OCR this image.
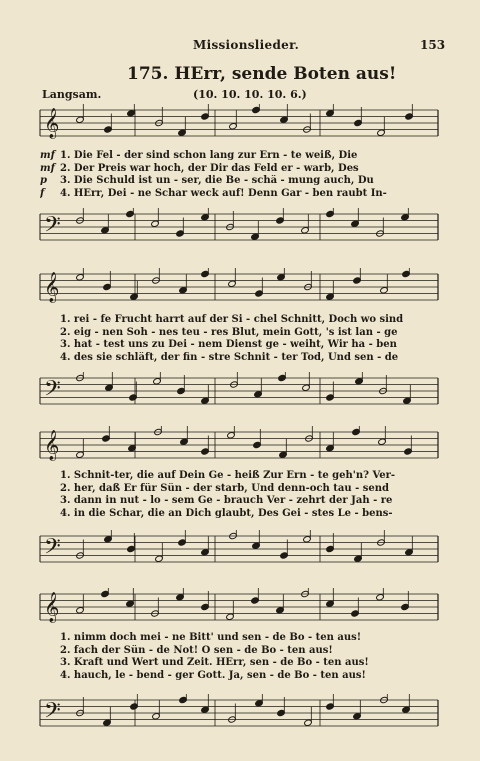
Missionslieder.	153
175. HErr, sende Boten aus!
Langsam.	(10. 10. 10. 10. 6.)
𝄞
mf 1. Die Fel - der sind schon lang zur Ern - te weiß, Die
mf 2. Der Preis war hoch, der Dir das Feld er - warb, Des
p 3. Die Schuld ist un - ser, die Be - schä - mung auch, Du
f 4. HErr, Dei - ne Schar weck auf! Denn Gar - ben raubt In-
𝄢
𝄞
1. rei - fe Frucht harrt auf der Si - chel Schnitt, Doch wo sind
2. eig - nen Soh - nes teu - res Blut, mein Gott, 's ist lan - ge
3. hat - test uns zu Dei - nem Dienst ge - weiht, Wir ha - ben
4. des sie schläft, der fin - stre Schnit - ter Tod, Und sen - de
𝄢
𝄞
1. Schnit-ter, die auf Dein Ge - heiß Zur Ern - te geh'n? Ver-
2. her, daß Er für Sün - der starb, Und denn-och tau - send
3. dann in nut - lo - sem Ge - brauch Ver - zehrt der Jah - re
4. in die Schar, die an Dich glaubt, Des Gei - stes Le - bens-
𝄢
𝄞
1. nimm doch mei - ne Bitt' und sen - de Bo - ten aus!
2. fach der Sün - de Not! O sen - de Bo - ten aus!
3. Kraft und Wert und Zeit. HErr, sen - de Bo - ten aus!
4. hauch, le - bend - ger Gott. Ja, sen - de Bo - ten aus!
𝄢
